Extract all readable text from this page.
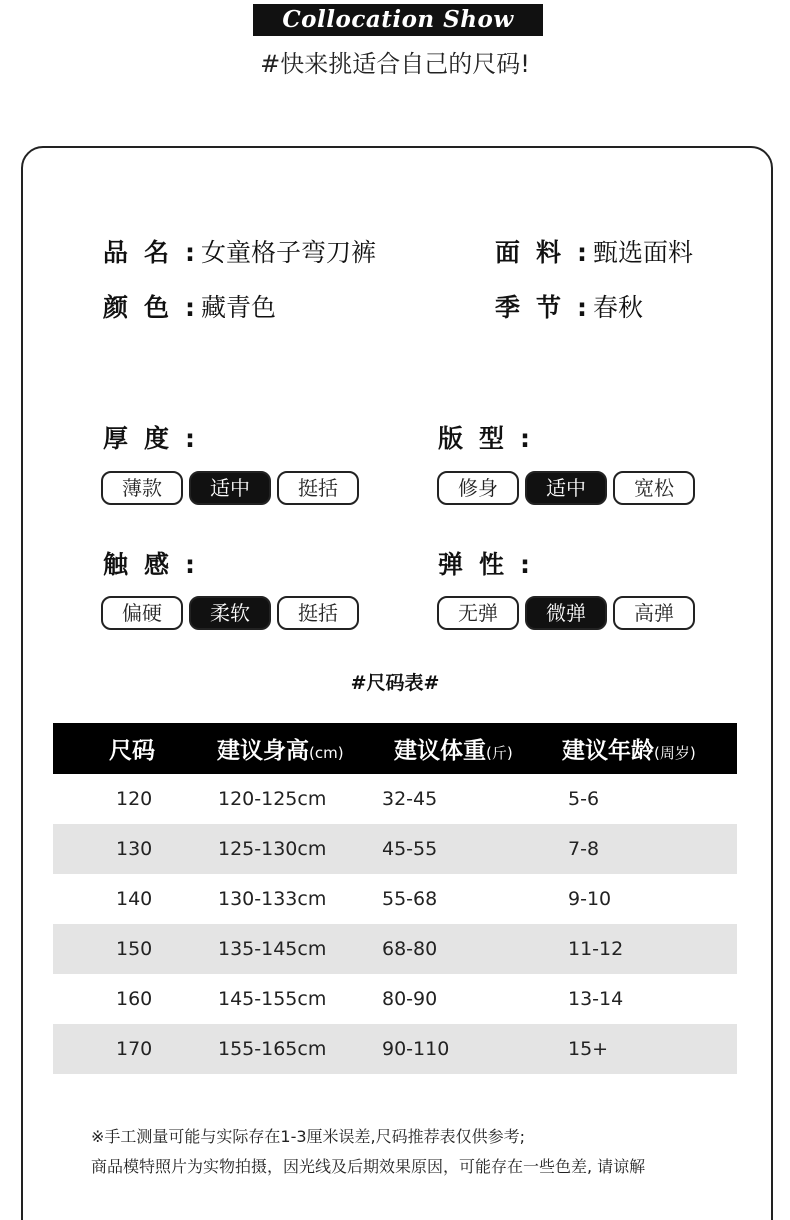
Collocation Show
#快来挑适合自己的尺码!
品名: 女童格子弯刀裤	面料: 甄选面料
颜色: 藏青色	季节: 春秋
厚度:
薄款	适中	挺括
版型:
修身	适中	宽松
触感:
偏硬	柔软	挺括
弹性:
无弹	微弹	高弹
#尺码表#
尺码	建议身高(cm)	建议体重(斤)	建议年龄(周岁)
120	120-125cm	32-45	5-6
130	125-130cm	45-55	7-8
140	130-133cm	55-68	9-10
150	135-145cm	68-80	11-12
160	145-155cm	80-90	13-14
170	155-165cm	90-110	15+
※手工测量可能与实际存在1-3厘米误差,尺码推荐表仅供参考;
商品模特照片为实物拍摄，因光线及后期效果原因，可能存在一些色差, 请谅解
